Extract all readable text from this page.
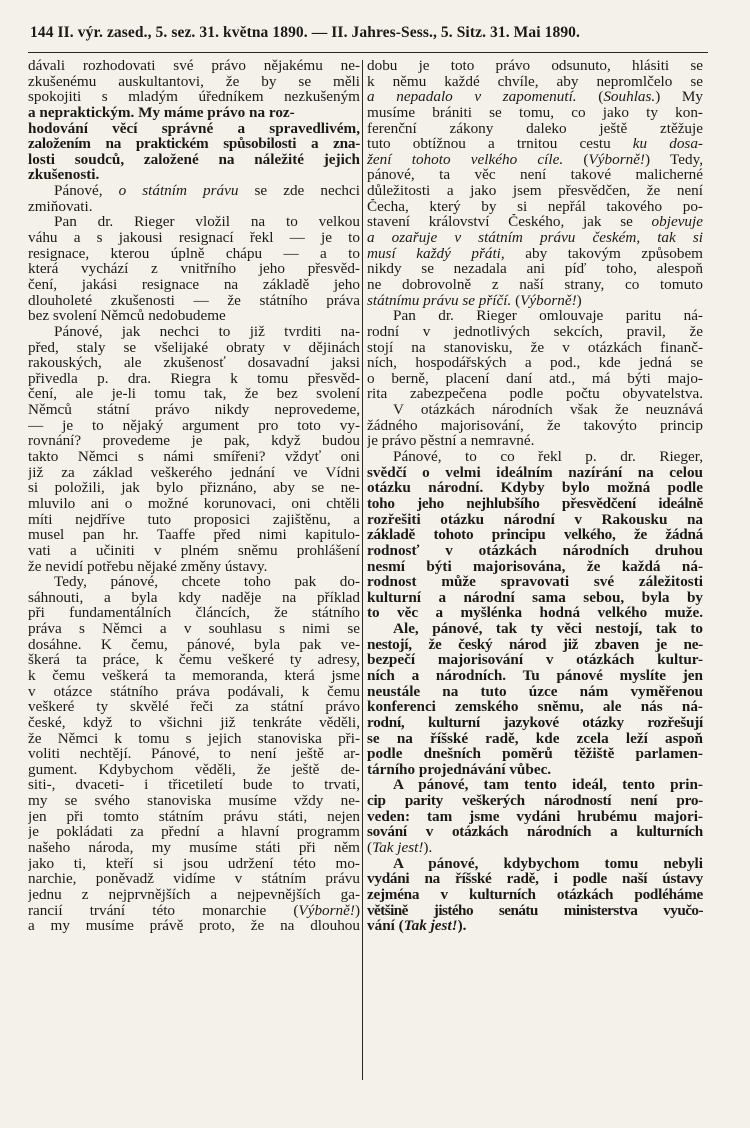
144 II. výr. zased., 5. sez. 31. května 1890. — II. Jahres-Sess., 5. Sitz. 31. Mai 1890.
dávali rozhodovati své právo nějakému ne-
zkušenému auskultantovi, že by se měli
spokojiti s mladým úředníkem nezkušeným
a nepraktickým. My máme právo na roz-
hodování věcí správné a spravedlivém,
založením na praktickém spůsobilosti a zna-
losti soudců, založené na náležité jejich
zkušenosti.
Pánové, o státním právu se zde nechci
zmiňovati.
Pan dr. Rieger vložil na to velkou
váhu a s jakousi resignací řekl — je to
resignace, kterou úplně chápu — a to
která vychází z vnitřního jeho přesvěd-
čení, jakási resignace na základě jeho
dlouholeté zkušenosti — že státního práva
bez svolení Němců nedobudeme
Pánové, jak nechci to již tvrditi na-
před, staly se všelijaké obraty v dějinách
rakouských, ale zkušenosť dosavadní jaksi
přivedla p. dra. Riegra k tomu přesvěd-
čení, ale je-li tomu tak, že bez svolení
Němců státní právo nikdy neprovedeme,
— je to nějaký argument pro toto vy-
rovnání? provedeme je pak, když budou
takto Němci s námi smířeni? vždyť oni
již za základ veškerého jednání ve Vídni
si položili, jak bylo přiznáno, aby se ne-
mluvilo ani o možné korunovaci, oni chtěli
míti nejdříve tuto proposici zajištěnu, a
musel pan hr. Taaffe před nimi kapitulo-
vati a učiniti v plném sněmu prohlášení
že nevidí potřebu nějaké změny ústavy.
Tedy, pánové, chcete toho pak do-
sáhnouti, a byla kdy naděje na příklad
při fundamentálních článcích, že státního
práva s Němci a v souhlasu s nimi se
dosáhne. K čemu, pánové, byla pak ve-
škerá ta práce, k čemu veškeré ty adresy,
k čemu veškerá ta memoranda, která jsme
v otázce státního práva podávali, k čemu
veškeré ty skvělé řeči za státní právo
české, když to všichni již tenkráte věděli,
že Němci k tomu s jejich stanoviska při-
voliti nechtějí. Pánové, to není ještě ar-
gument. Kdybychom věděli, že ještě de-
siti-, dvaceti- i třicetiletí bude to trvati,
my se svého stanoviska musíme vždy ne-
jen při tomto státním právu státi, nejen
je pokládati za přední a hlavní programm
našeho národa, my musíme státi při něm
jako ti, kteří si jsou udržení této mo-
narchie, poněvadž vidíme v státním právu
jednu z nejprvnějších a nejpevnějších ga-
rancií trvání této monarchie (Výborně!)
a my musíme právě proto, že na dlouhou
dobu je toto právo odsunuto, hlásiti se
k němu každé chvíle, aby nepromlčelo se
a nepadalo v zapomenutí. (Souhlas.) My
musíme brániti se tomu, co jako ty kon-
ferenční zákony daleko ještě ztěžuje
tuto obtížnou a trnitou cestu ku dosa-
žení tohoto velkého cíle. (Výborně!) Tedy,
pánové, ta věc není takové malicherné
důležitosti a jako jsem přesvědčen, že není
Čecha, který by si nepřál takového po-
stavení království Českého, jak se objevuje
a ozařuje v státním právu českém, tak si
musí každý přáti, aby takovým způsobem
nikdy se nezadala ani píď toho, alespoň
ne dobrovolně z naší strany, co tomuto
státnímu právu se příčí. (Výborně!)
Pan dr. Rieger omlouvaje paritu ná-
rodní v jednotlivých sekcích, pravil, že
stojí na stanovisku, že v otázkách finanč-
ních, hospodářských a pod., kde jedná se
o berně, placení daní atd., má býti majo-
rita zabezpečena podle počtu obyvatelstva.
V otázkách národních však že neuznává
žádného majorisování, že takovýto princip
je právo pěstní a nemravné.
Pánové, to co řekl p. dr. Rieger,
svědčí o velmi ideálním nazírání na celou
otázku národní. Kdyby bylo možná podle
toho jeho nejhlubšího přesvědčení ideálně
rozřešiti otázku národní v Rakousku na
základě tohoto principu velkého, že žádná
rodnosť v otázkách národních druhou
nesmí býti majorisována, že každá ná-
rodnost může spravovati své záležitosti
kulturní a národní sama sebou, byla by
to věc a myšlénka hodná velkého muže.
Ale, pánové, tak ty věci nestojí, tak to
nestojí, že český národ již zbaven je ne-
bezpečí majorisování v otázkách kultur-
ních a národních. Tu pánové myslíte jen
neustále na tuto úzce nám vyměřenou
konferenci zemského sněmu, ale nás ná-
rodní, kulturní jazykové otázky rozřešují
se na říšské radě, kde zcela leží aspoň
podle dnešních poměrů těžiště parlamen-
tárního projednávání vůbec.
A pánové, tam tento ideál, tento prin-
cip parity veškerých národností není pro-
veden: tam jsme vydáni hrubému majori-
sování v otázkách národních a kulturních
(Tak jest!).
A pánové, kdybychom tomu nebyli
vydáni na říšské radě, i podle naší ústavy
zejména v kulturních otázkách podléháme
většině jistého senátu ministerstva vyučo-
vání (Tak jest!).
